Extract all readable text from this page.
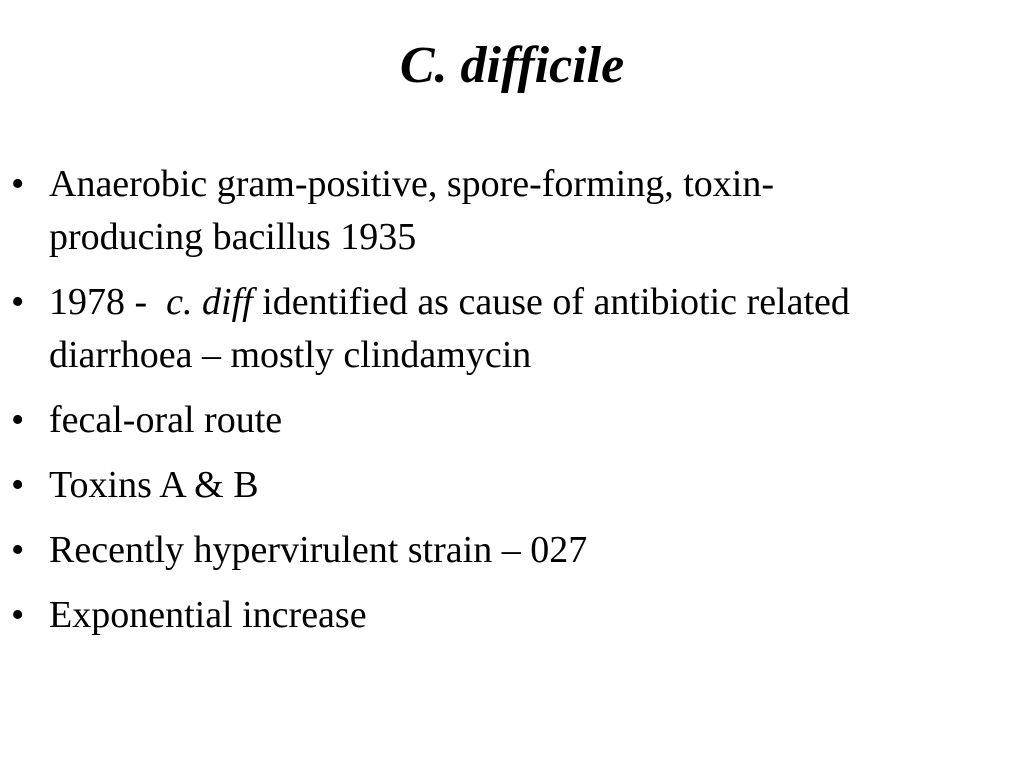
C. difficile
• Anaerobic gram-positive, spore-forming, toxin-
producing bacillus 1935
• 1978 - c. diff identified as cause of antibiotic related
diarrhoea – mostly clindamycin
• fecal-oral route
• Toxins A & B
• Recently hypervirulent strain – 027
• Exponential increase
